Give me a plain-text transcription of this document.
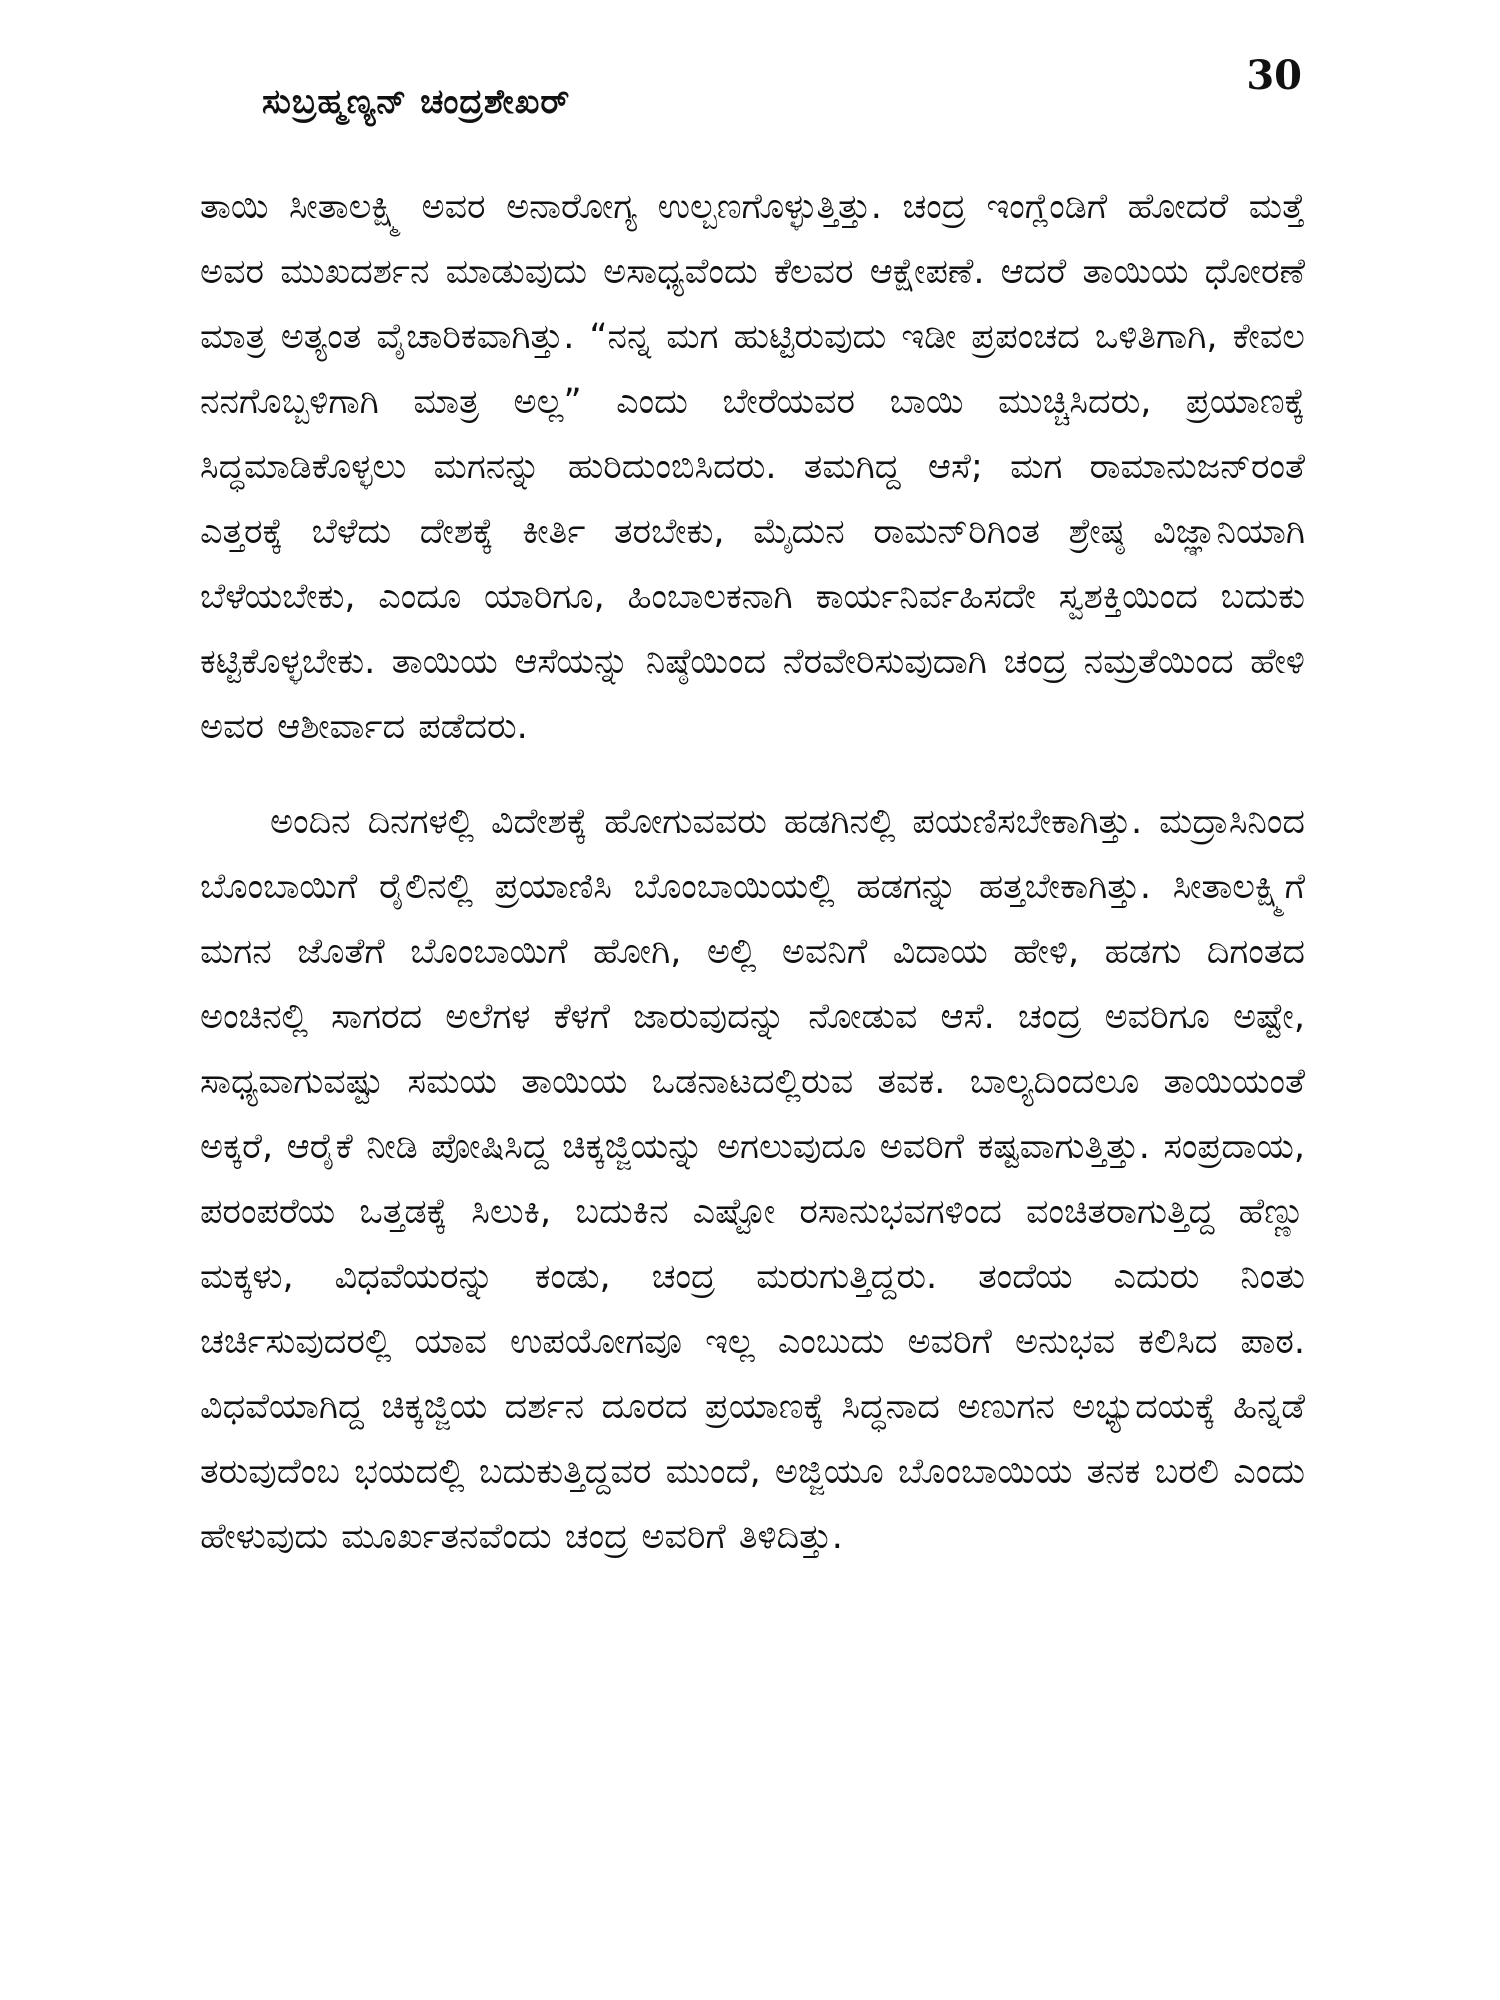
ಸುಬ್ರಹ್ಮಣ್ಯನ್ ಚಂದ್ರಶೇಖರ್
30

ತಾಯಿ ಸೀತಾಲಕ್ಷ್ಮಿ ಅವರ ಅನಾರೋಗ್ಯ ಉಲ್ಬಣಗೊಳ್ಳುತ್ತಿತ್ತು. ಚಂದ್ರ ಇಂಗ್ಲೆಂಡಿಗೆ ಹೋದರೆ ಮತ್ತೆ ಅವರ ಮುಖದರ್ಶನ ಮಾಡುವುದು ಅಸಾಧ್ಯವೆಂದು ಕೆಲವರ ಆಕ್ಷೇಪಣೆ. ಆದರೆ ತಾಯಿಯ ಧೋರಣೆ ಮಾತ್ರ ಅತ್ಯಂತ ವೈಚಾರಿಕವಾಗಿತ್ತು. “ನನ್ನ ಮಗ ಹುಟ್ಟಿರುವುದು ಇಡೀ ಪ್ರಪಂಚದ ಒಳಿತಿಗಾಗಿ, ಕೇವಲ ನನಗೊಬ್ಬಳಿಗಾಗಿ ಮಾತ್ರ ಅಲ್ಲ” ಎಂದು ಬೇರೆಯವರ ಬಾಯಿ ಮುಚ್ಚಿಸಿದರು, ಪ್ರಯಾಣಕ್ಕೆ ಸಿದ್ಧಮಾಡಿಕೊಳ್ಳಲು ಮಗನನ್ನು ಹುರಿದುಂಬಿಸಿದರು. ತಮಗಿದ್ದ ಆಸೆ; ಮಗ ರಾಮಾನುಜನ್‌ರಂತೆ ಎತ್ತರಕ್ಕೆ ಬೆಳೆದು ದೇಶಕ್ಕೆ ಕೀರ್ತಿ ತರಬೇಕು, ಮೈದುನ ರಾಮನ್‌ರಿಗಿಂತ ಶ್ರೇಷ್ಠ ವಿಜ್ಞಾನಿಯಾಗಿ ಬೆಳೆಯಬೇಕು, ಎಂದೂ ಯಾರಿಗೂ, ಹಿಂಬಾಲಕನಾಗಿ ಕಾರ್ಯನಿರ್ವಹಿಸದೇ ಸ್ವಶಕ್ತಿಯಿಂದ ಬದುಕು ಕಟ್ಟಿಕೊಳ್ಳಬೇಕು. ತಾಯಿಯ ಆಸೆಯನ್ನು ನಿಷ್ಠೆಯಿಂದ ನೆರವೇರಿಸುವುದಾಗಿ ಚಂದ್ರ ನಮ್ರತೆಯಿಂದ ಹೇಳಿ ಅವರ ಆಶೀರ್ವಾದ ಪಡೆದರು.

ಅಂದಿನ ದಿನಗಳಲ್ಲಿ ವಿದೇಶಕ್ಕೆ ಹೋಗುವವರು ಹಡಗಿನಲ್ಲಿ ಪಯಣಿಸಬೇಕಾಗಿತ್ತು. ಮದ್ರಾಸಿನಿಂದ ಬೊಂಬಾಯಿಗೆ ರೈಲಿನಲ್ಲಿ ಪ್ರಯಾಣಿಸಿ ಬೊಂಬಾಯಿಯಲ್ಲಿ ಹಡಗನ್ನು ಹತ್ತಬೇಕಾಗಿತ್ತು. ಸೀತಾಲಕ್ಷ್ಮಿಗೆ ಮಗನ ಜೊತೆಗೆ ಬೊಂಬಾಯಿಗೆ ಹೋಗಿ, ಅಲ್ಲಿ ಅವನಿಗೆ ವಿದಾಯ ಹೇಳಿ, ಹಡಗು ದಿಗಂತದ ಅಂಚಿನಲ್ಲಿ ಸಾಗರದ ಅಲೆಗಳ ಕೆಳಗೆ ಜಾರುವುದನ್ನು ನೋಡುವ ಆಸೆ. ಚಂದ್ರ ಅವರಿಗೂ ಅಷ್ಟೇ, ಸಾಧ್ಯವಾಗುವಷ್ಟು ಸಮಯ ತಾಯಿಯ ಒಡನಾಟದಲ್ಲಿರುವ ತವಕ. ಬಾಲ್ಯದಿಂದಲೂ ತಾಯಿಯಂತೆ ಅಕ್ಕರೆ, ಆರೈಕೆ ನೀಡಿ ಪೋಷಿಸಿದ್ದ ಚಿಕ್ಕಜ್ಜಿಯನ್ನು ಅಗಲುವುದೂ ಅವರಿಗೆ ಕಷ್ಟವಾಗುತ್ತಿತ್ತು. ಸಂಪ್ರದಾಯ, ಪರಂಪರೆಯ ಒತ್ತಡಕ್ಕೆ ಸಿಲುಕಿ, ಬದುಕಿನ ಎಷ್ಟೋ ರಸಾನುಭವಗಳಿಂದ ವಂಚಿತರಾಗುತ್ತಿದ್ದ ಹೆಣ್ಣು ಮಕ್ಕಳು, ವಿಧವೆಯರನ್ನು ಕಂಡು, ಚಂದ್ರ ಮರುಗುತ್ತಿದ್ದರು. ತಂದೆಯ ಎದುರು ನಿಂತು ಚರ್ಚಿಸುವುದರಲ್ಲಿ ಯಾವ ಉಪಯೋಗವೂ ಇಲ್ಲ ಎಂಬುದು ಅವರಿಗೆ ಅನುಭವ ಕಲಿಸಿದ ಪಾಠ. ವಿಧವೆಯಾಗಿದ್ದ ಚಿಕ್ಕಜ್ಜಿಯ ದರ್ಶನ ದೂರದ ಪ್ರಯಾಣಕ್ಕೆ ಸಿದ್ಧನಾದ ಅಣುಗನ ಅಭ್ಯುದಯಕ್ಕೆ ಹಿನ್ನಡೆ ತರುವುದೆಂಬ ಭಯದಲ್ಲಿ ಬದುಕುತ್ತಿದ್ದವರ ಮುಂದೆ, ಅಜ್ಜಿಯೂ ಬೊಂಬಾಯಿಯ ತನಕ ಬರಲಿ ಎಂದು ಹೇಳುವುದು ಮೂರ್ಖತನವೆಂದು ಚಂದ್ರ ಅವರಿಗೆ ತಿಳಿದಿತ್ತು.
